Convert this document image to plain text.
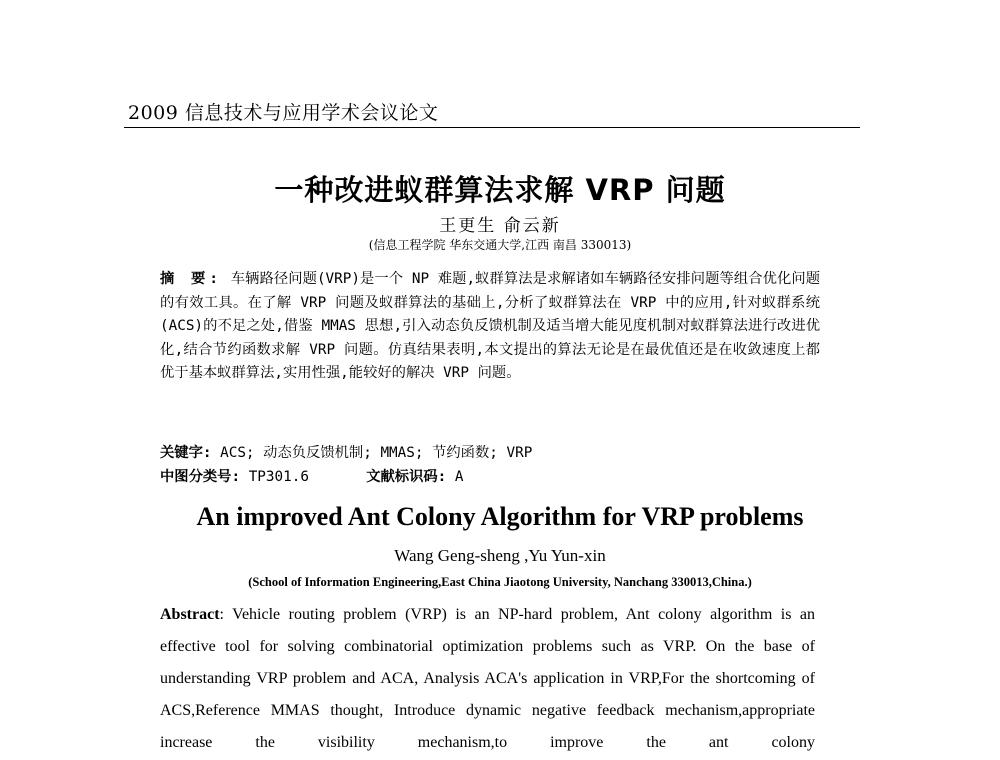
2009 信息技术与应用学术会议论文
一种改进蚁群算法求解 VRP 问题
王更生 俞云新
(信息工程学院 华东交通大学,江西 南昌 330013)
摘 要: 车辆路径问题(VRP)是一个 NP 难题,蚁群算法是求解诸如车辆路径安排问题等组合优化问题的有效工具。在了解 VRP 问题及蚁群算法的基础上,分析了蚁群算法在 VRP 中的应用,针对蚁群系统(ACS)的不足之处,借鉴 MMAS 思想,引入动态负反馈机制及适当增大能见度机制对蚁群算法进行改进优化,结合节约函数求解 VRP 问题。仿真结果表明,本文提出的算法无论是在最优值还是在收敛速度上都优于基本蚁群算法,实用性强,能较好的解决 VRP 问题。
关键字: ACS; 动态负反馈机制; MMAS; 节约函数; VRP
中图分类号: TP301.6	文献标识码: A
An improved Ant Colony Algorithm for VRP problems
Wang Geng-sheng ,Yu Yun-xin
(School of Information Engineering,East China Jiaotong University, Nanchang 330013,China.)
Abstract: Vehicle routing problem (VRP) is an NP-hard problem, Ant colony algorithm is an effective tool for solving combinatorial optimization problems such as VRP. On the base of understanding VRP problem and ACA, Analysis ACA's application in VRP,For the shortcoming of ACS,Reference MMAS thought, Introduce dynamic negative feedback mechanism,appropriate increase the visibility mechanism,to improve the ant colony
